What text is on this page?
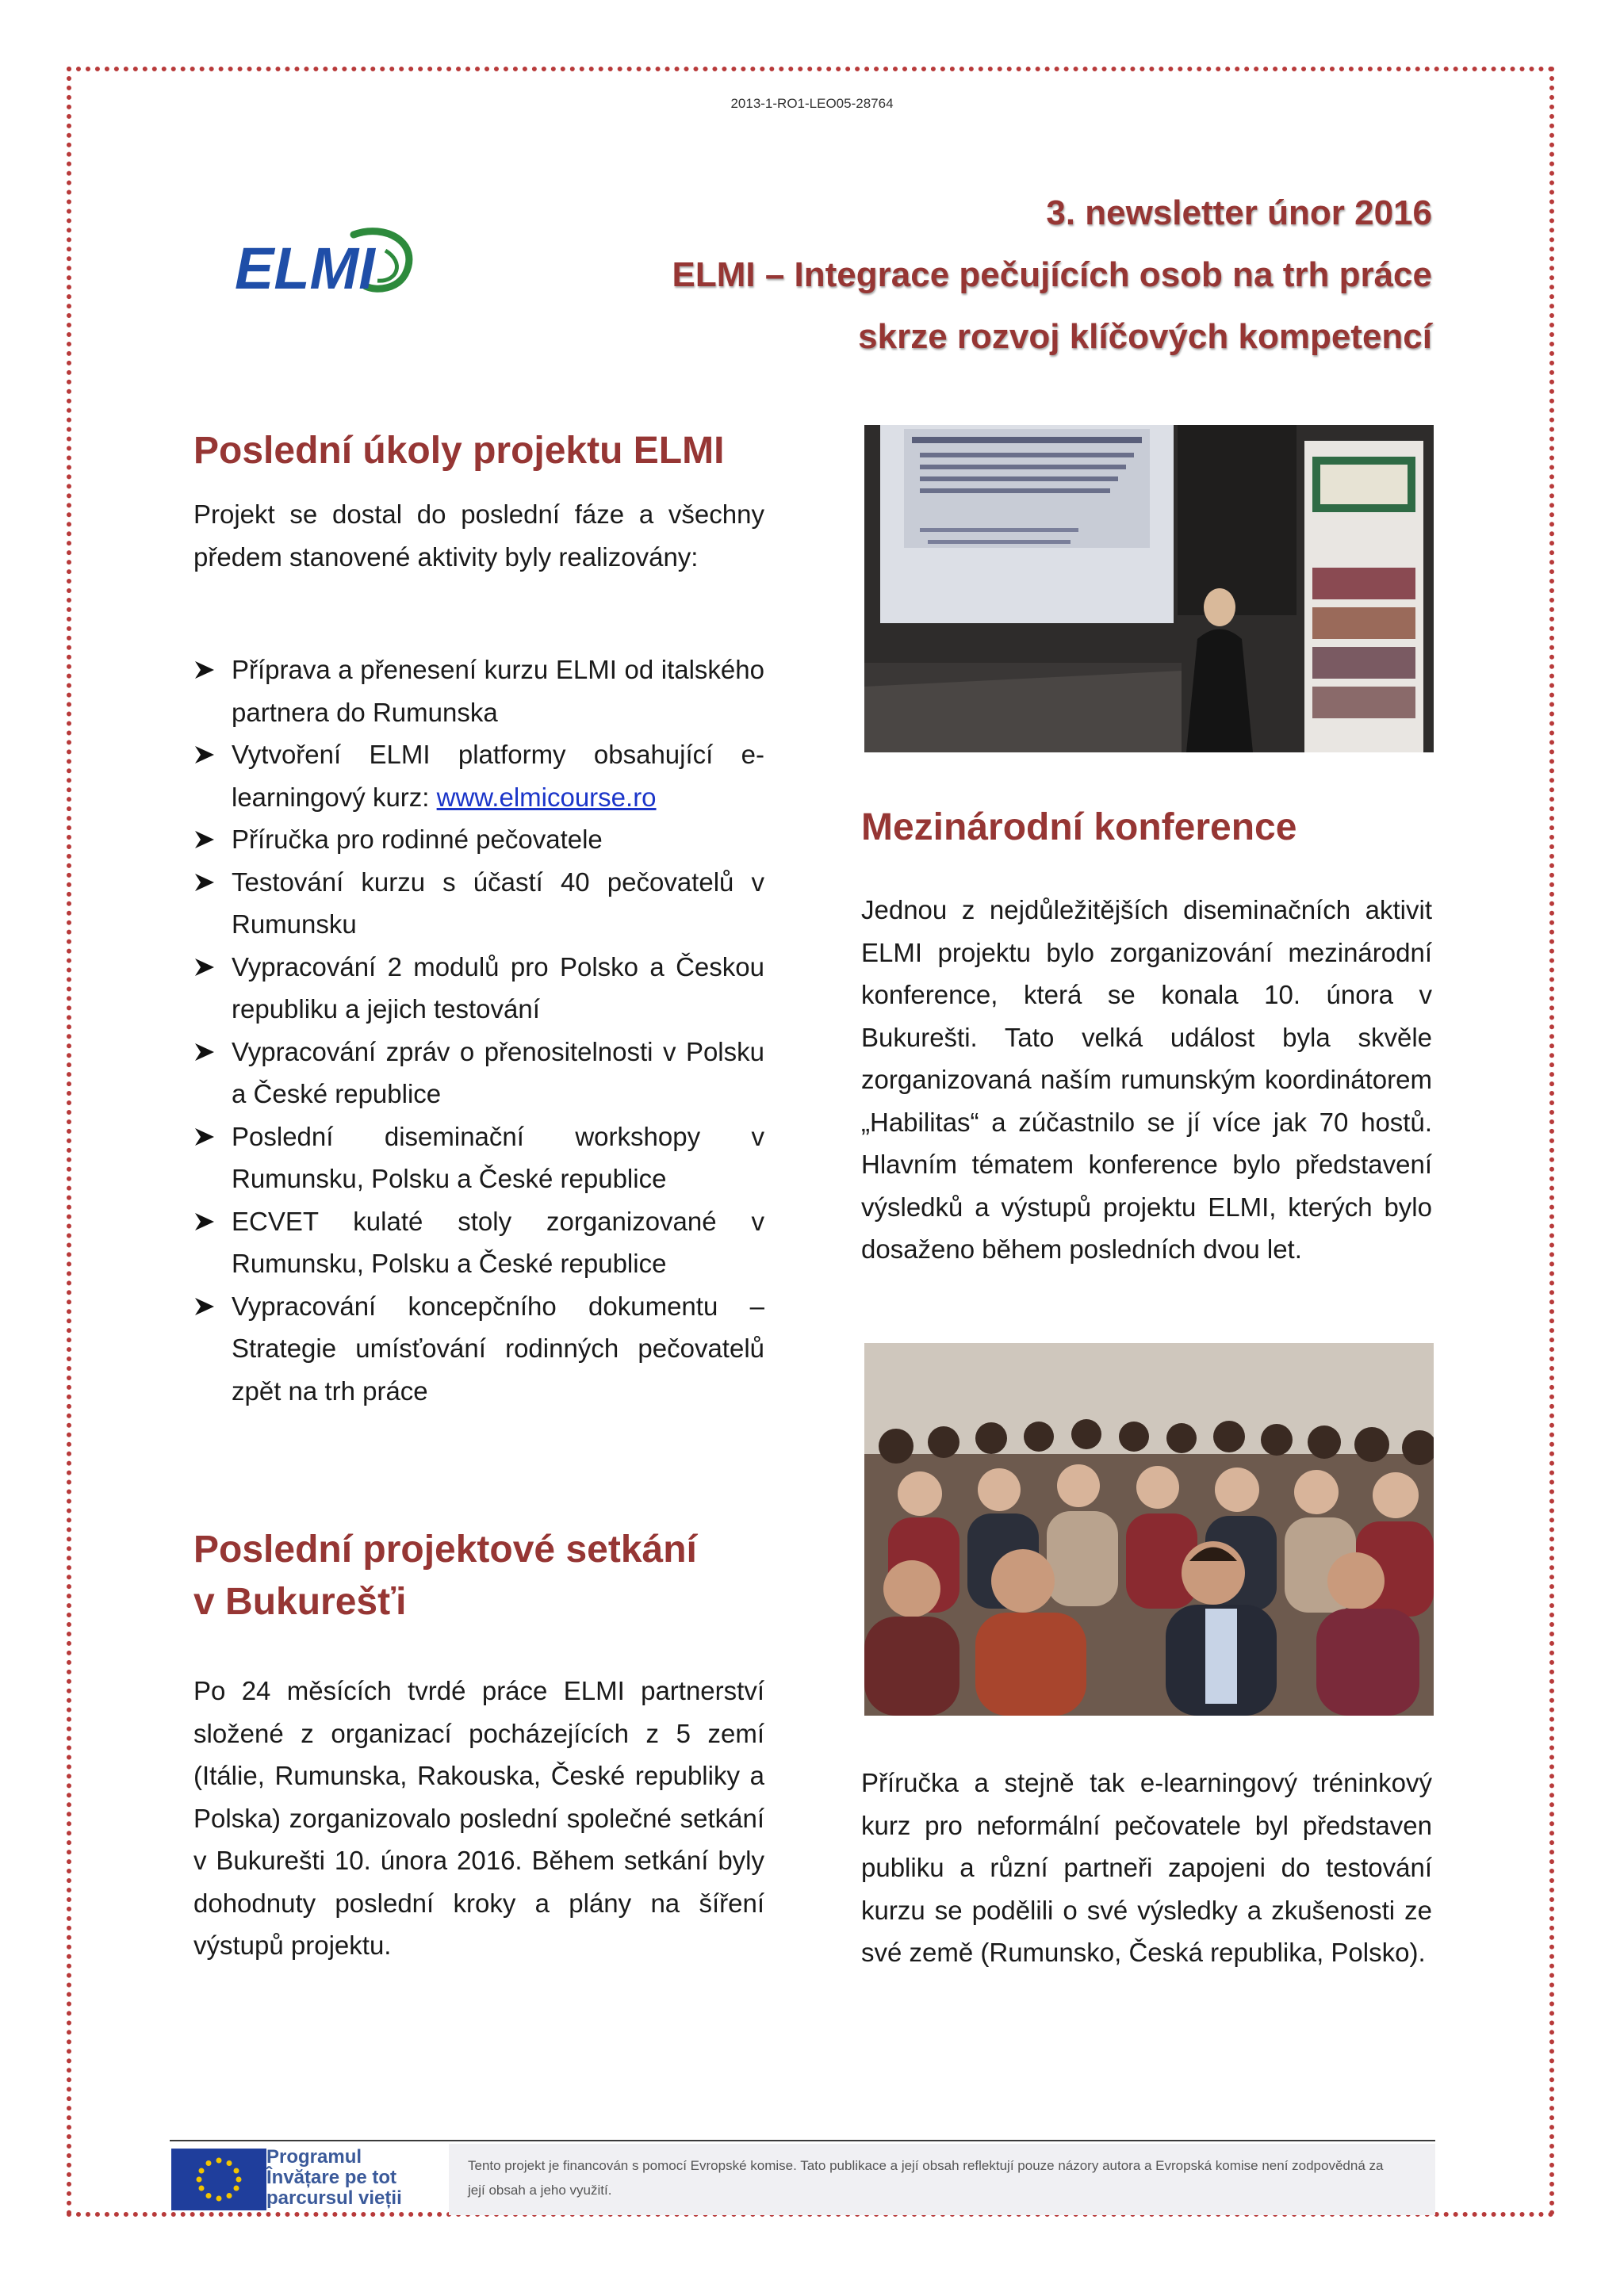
2013-1-RO1-LEO05-28764
ELMI
3. newsletter únor 2016
ELMI – Integrace pečujících osob na trh práce
skrze rozvoj klíčových kompetencí
Poslední úkoly projektu ELMI
Projekt se dostal do poslední fáze a všechny předem stanovené aktivity byly realizovány:
Příprava a přenesení kurzu ELMI od italského partnera do Rumunska
Vytvoření ELMI platformy obsahující e-learningový kurz: www.elmicourse.ro
Příručka pro rodinné pečovatele
Testování kurzu s účastí 40 pečovatelů v Rumunsku
Vypracování 2 modulů pro Polsko a Českou republiku a jejich testování
Vypracování zpráv o přenositelnosti v Polsku a České republice
Poslední diseminační workshopy v Rumunsku, Polsku a České republice
ECVET kulaté stoly zorganizované v Rumunsku, Polsku a České republice
Vypracování koncepčního dokumentu – Strategie umísťování rodinných pečovatelů zpět na trh práce
Poslední projektové setkání
v Bukurešťi
Po 24 měsících tvrdé práce ELMI partnerství složené z organizací pocházejících z 5 zemí (Itálie, Rumunska, Rakouska, České republiky a Polska) zorganizovalo poslední společné setkání v Bukurešti 10. února 2016. Během setkání byly dohodnuty poslední kroky a plány na šíření výstupů projektu.
Mezinárodní konference
Jednou z nejdůležitějších diseminačních aktivit ELMI projektu bylo zorganizování mezinárodní konference, která se konala 10. února v Bukurešti. Tato velká událost byla skvěle zorganizovaná naším rumunským koordinátorem „Habilitas“ a zúčastnilo se jí více jak 70 hostů. Hlavním tématem konference bylo představení výsledků a výstupů projektu ELMI, kterých bylo dosaženo během posledních dvou let.
Příručka a stejně tak e-learningový tréninkový kurz pro neformální pečovatele byl představen publiku a různí partneři zapojeni do testování kurzu se podělili o své výsledky a zkušenosti ze své země (Rumunsko, Česká republika, Polsko).
Programul
Învățare pe tot
parcursul vieții
Tento projekt je financován s pomocí Evropské komise. Tato publikace a její obsah reflektují pouze názory autora a Evropská komise není zodpovědná za její obsah a jeho využití.
